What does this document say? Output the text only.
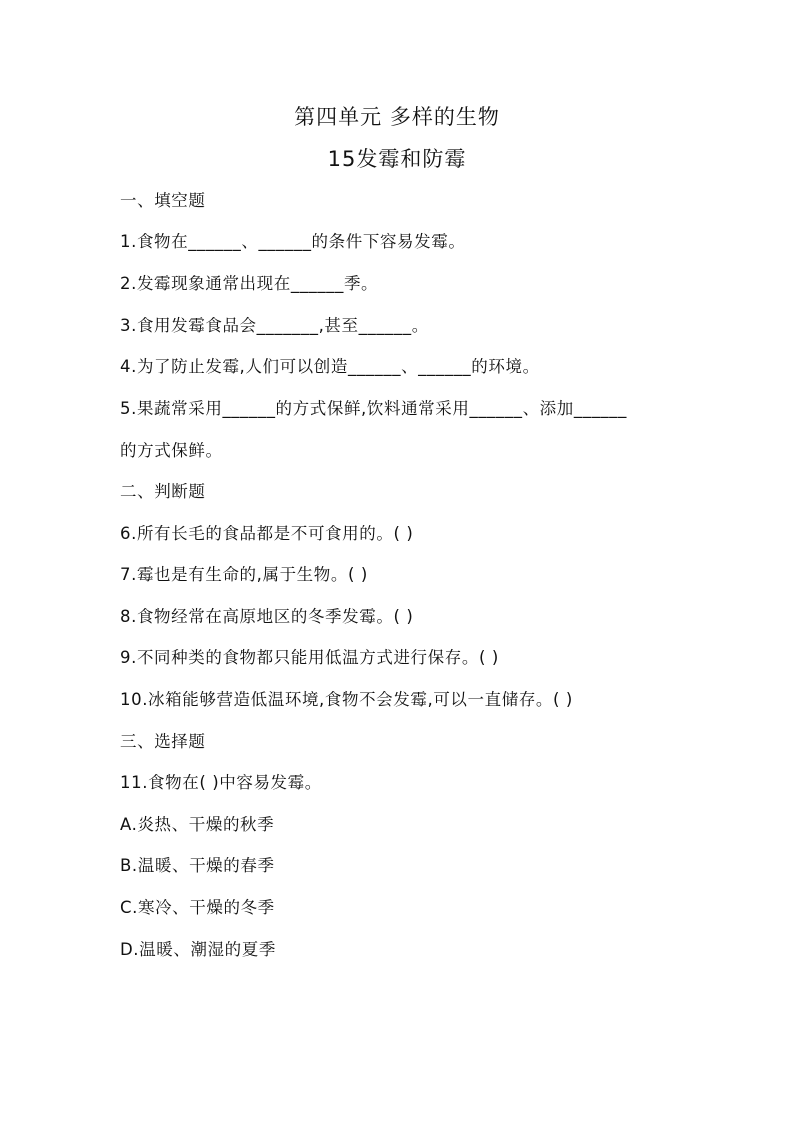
第四单元 多样的生物
15发霉和防霉
一、填空题
1.食物在______、______的条件下容易发霉。
2.发霉现象通常出现在______季。
3.食用发霉食品会_______,甚至______。
4.为了防止发霉,人们可以创造______、______的环境。
5.果蔬常采用______的方式保鲜,饮料通常采用______、添加______
的方式保鲜。
二、判断题
6.所有长毛的食品都是不可食用的。( )
7.霉也是有生命的,属于生物。( )
8.食物经常在高原地区的冬季发霉。( )
9.不同种类的食物都只能用低温方式进行保存。( )
10.冰箱能够营造低温环境,食物不会发霉,可以一直储存。( )
三、选择题
11.食物在( )中容易发霉。
A.炎热、干燥的秋季
B.温暖、干燥的春季
C.寒冷、干燥的冬季
D.温暖、潮湿的夏季
